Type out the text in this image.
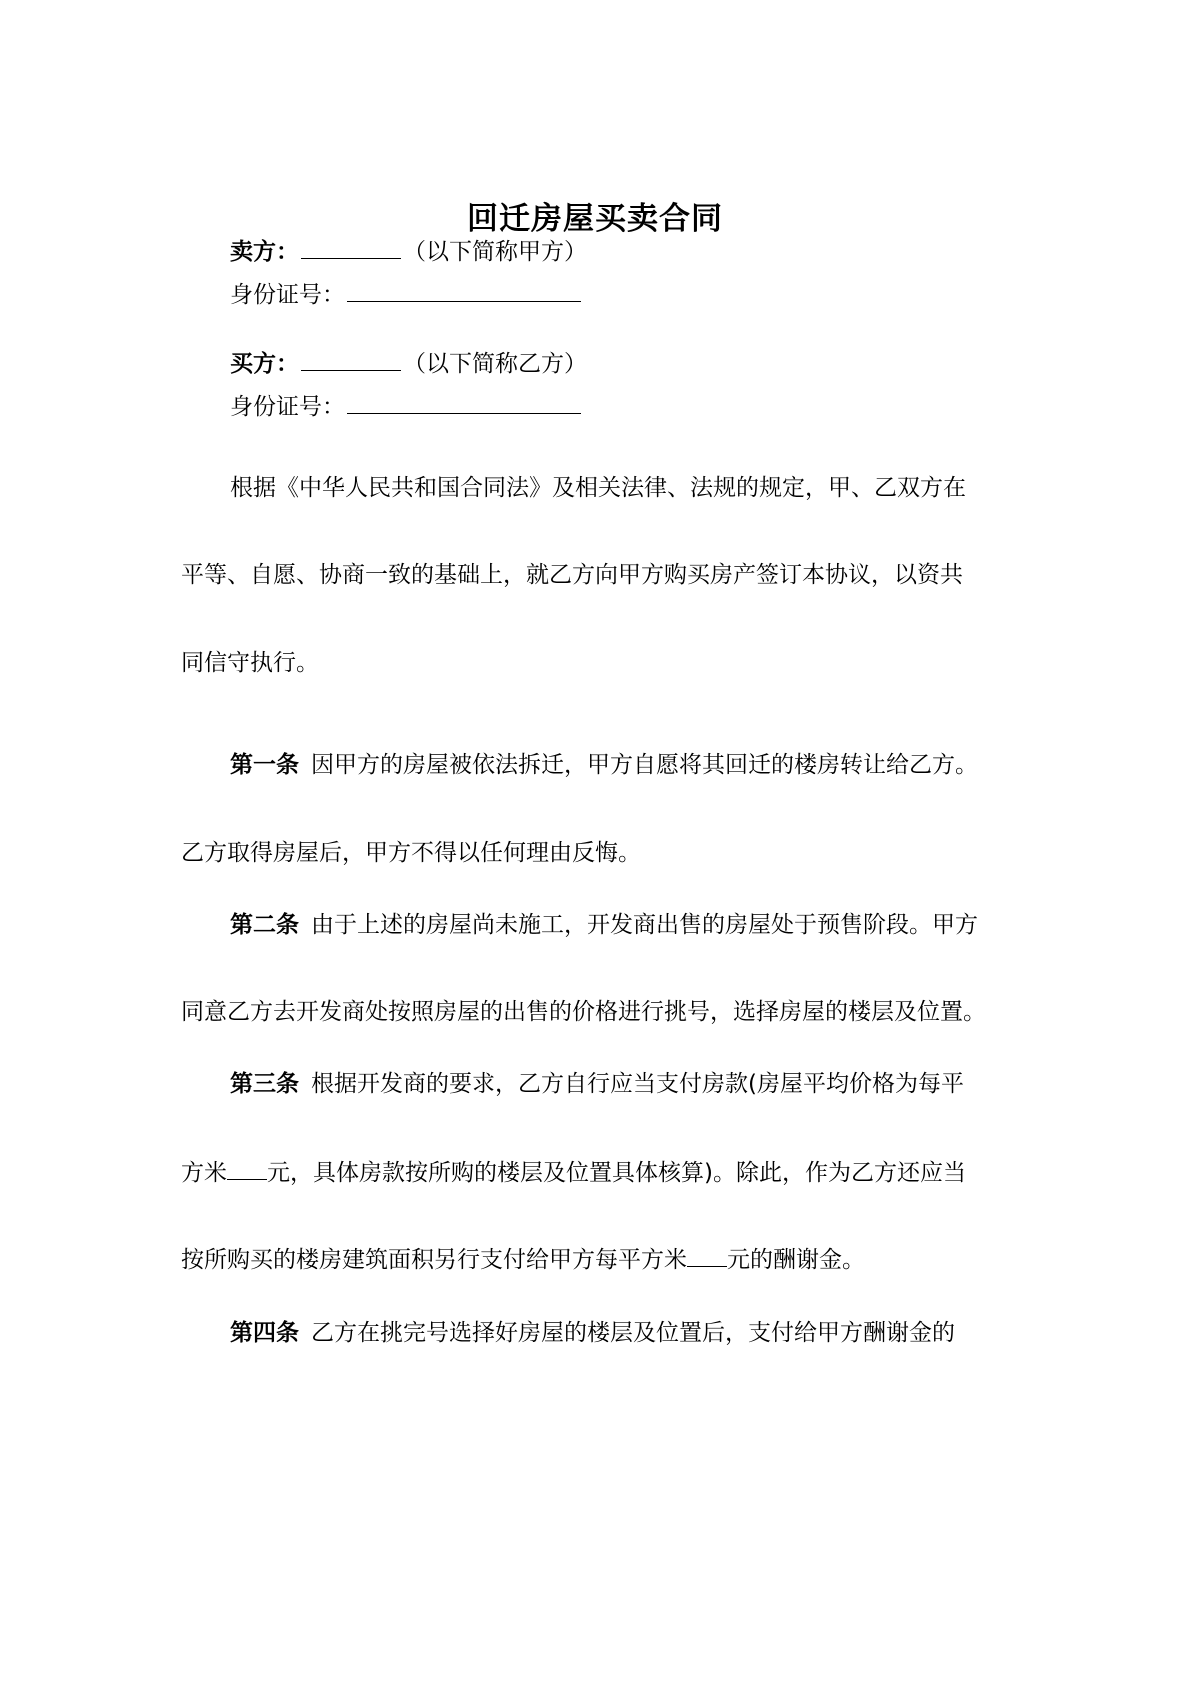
回迁房屋买卖合同
卖方：	（以下简称甲方）
身份证号：
买方：	（以下简称乙方）
身份证号：
根据《中华人民共和国合同法》及相关法律、法规的规定，甲、乙双方在
平等、自愿、协商一致的基础上，就乙方向甲方购买房产签订本协议，以资共
同信守执行。
第一条 因甲方的房屋被依法拆迁，甲方自愿将其回迁的楼房转让给乙方。
乙方取得房屋后，甲方不得以任何理由反悔。
第二条 由于上述的房屋尚未施工，开发商出售的房屋处于预售阶段。甲方
同意乙方去开发商处按照房屋的出售的价格进行挑号，选择房屋的楼层及位置。
第三条 根据开发商的要求，乙方自行应当支付房款(房屋平均价格为每平
方米 元，具体房款按所购的楼层及位置具体核算)。除此，作为乙方还应当
按所购买的楼房建筑面积另行支付给甲方每平方米 元的酬谢金。
第四条 乙方在挑完号选择好房屋的楼层及位置后，支付给甲方酬谢金的
